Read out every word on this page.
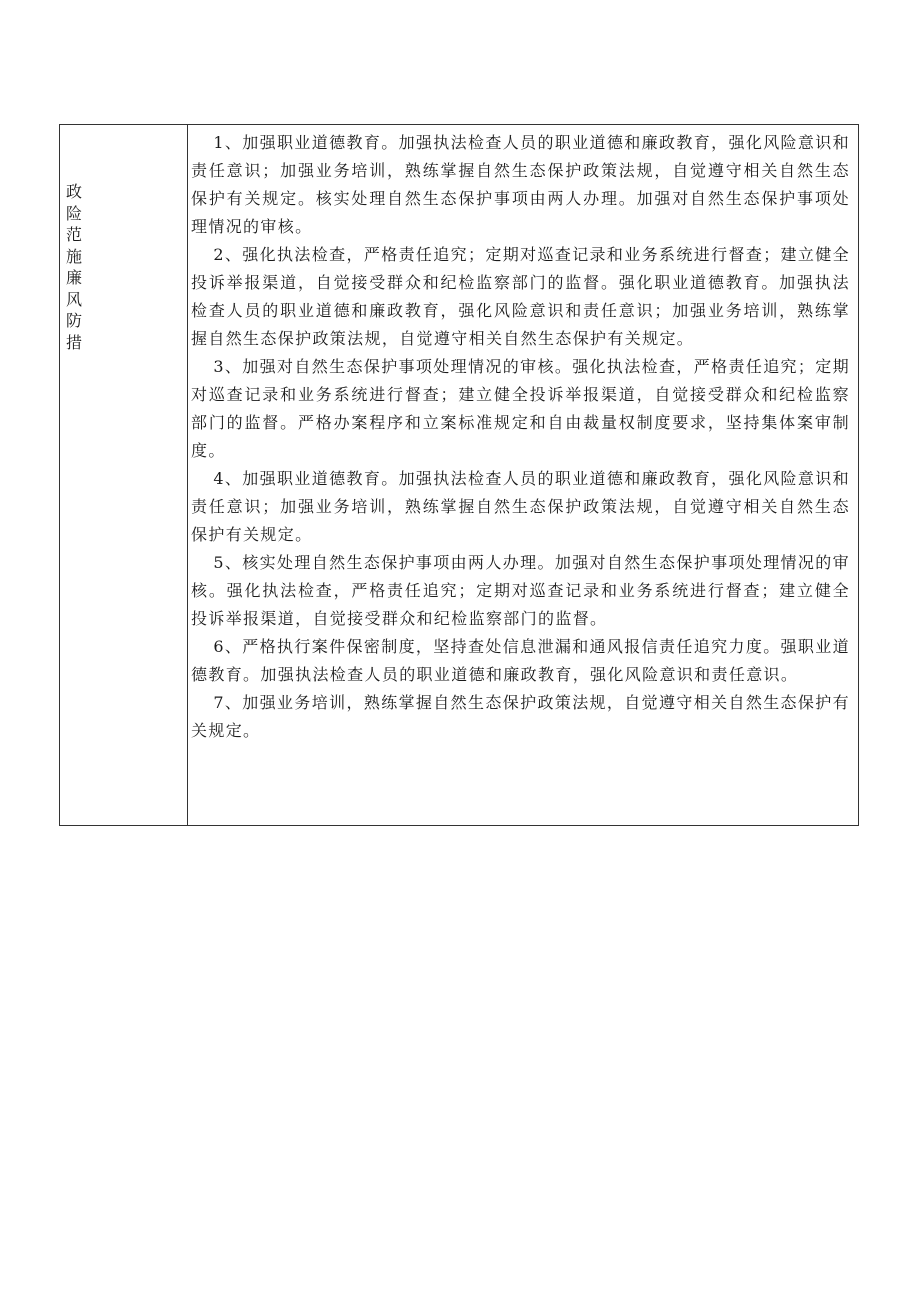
政
险
范
施
廉
风
防
措

1、加强职业道德教育。加强执法检查人员的职业道德和廉政教育，强化风险意识和责任意识；加强业务培训，熟练掌握自然生态保护政策法规，自觉遵守相关自然生态保护有关规定。核实处理自然生态保护事项由两人办理。加强对自然生态保护事项处理情况的审核。

2、强化执法检查，严格责任追究；定期对巡查记录和业务系统进行督查；建立健全投诉举报渠道，自觉接受群众和纪检监察部门的监督。强化职业道德教育。加强执法检查人员的职业道德和廉政教育，强化风险意识和责任意识；加强业务培训，熟练掌握自然生态保护政策法规，自觉遵守相关自然生态保护有关规定。

3、加强对自然生态保护事项处理情况的审核。强化执法检查，严格责任追究；定期对巡查记录和业务系统进行督查；建立健全投诉举报渠道，自觉接受群众和纪检监察部门的监督。严格办案程序和立案标准规定和自由裁量权制度要求，坚持集体案审制度。

4、加强职业道德教育。加强执法检查人员的职业道德和廉政教育，强化风险意识和责任意识；加强业务培训，熟练掌握自然生态保护政策法规，自觉遵守相关自然生态保护有关规定。

5、核实处理自然生态保护事项由两人办理。加强对自然生态保护事项处理情况的审核。强化执法检查，严格责任追究；定期对巡查记录和业务系统进行督查；建立健全投诉举报渠道，自觉接受群众和纪检监察部门的监督。

6、严格执行案件保密制度，坚持查处信息泄漏和通风报信责任追究力度。强职业道德教育。加强执法检查人员的职业道德和廉政教育，强化风险意识和责任意识。

7、加强业务培训，熟练掌握自然生态保护政策法规，自觉遵守相关自然生态保护有关规定。
